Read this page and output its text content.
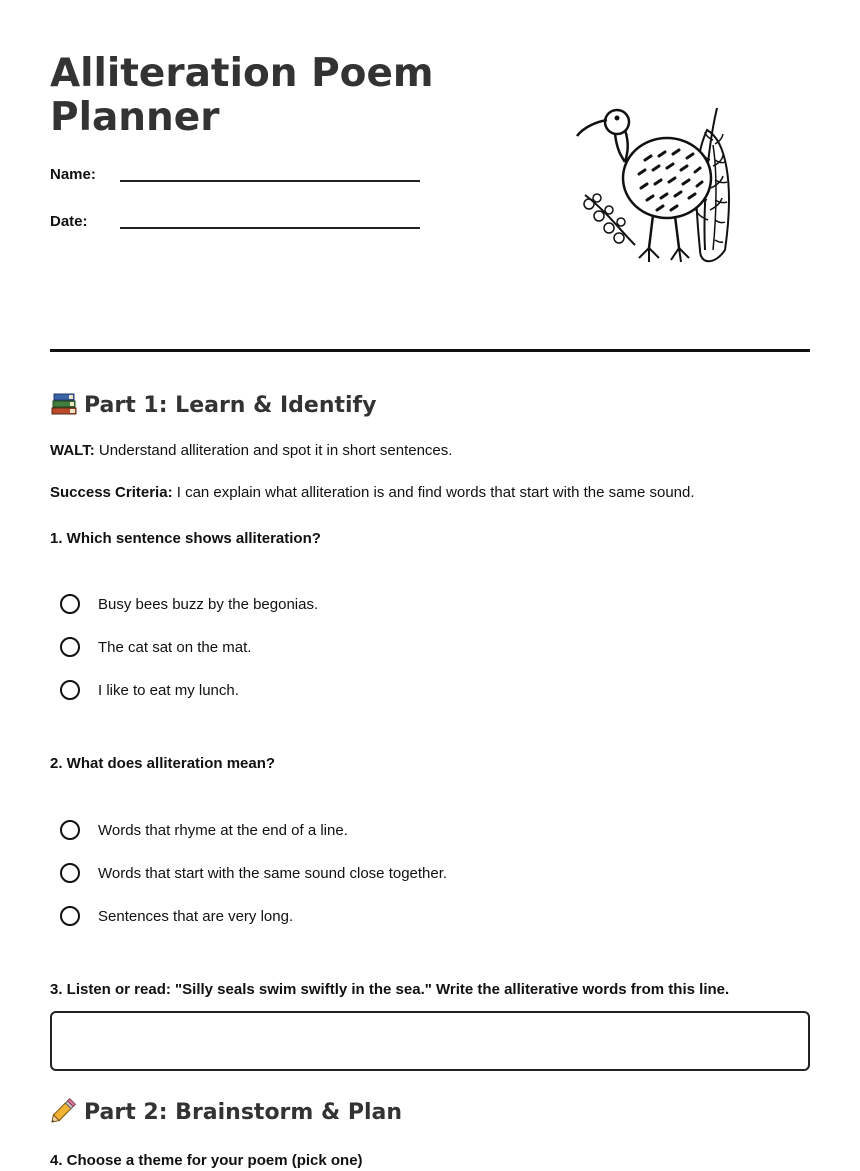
Alliteration Poem Planner
Name:
Date:
Part 1: Learn & Identify

WALT: Understand alliteration and spot it in short sentences.

Success Criteria: I can explain what alliteration is and find words that start with the same sound.

1. Which sentence shows alliteration?
Busy bees buzz by the begonias.
The cat sat on the mat.
I like to eat my lunch.
2. What does alliteration mean?
Words that rhyme at the end of a line.
Words that start with the same sound close together.
Sentences that are very long.
3. Listen or read: "Silly seals swim swiftly in the sea." Write the alliterative words from this line.
Part 2: Brainstorm & Plan
4. Choose a theme for your poem (pick one)
